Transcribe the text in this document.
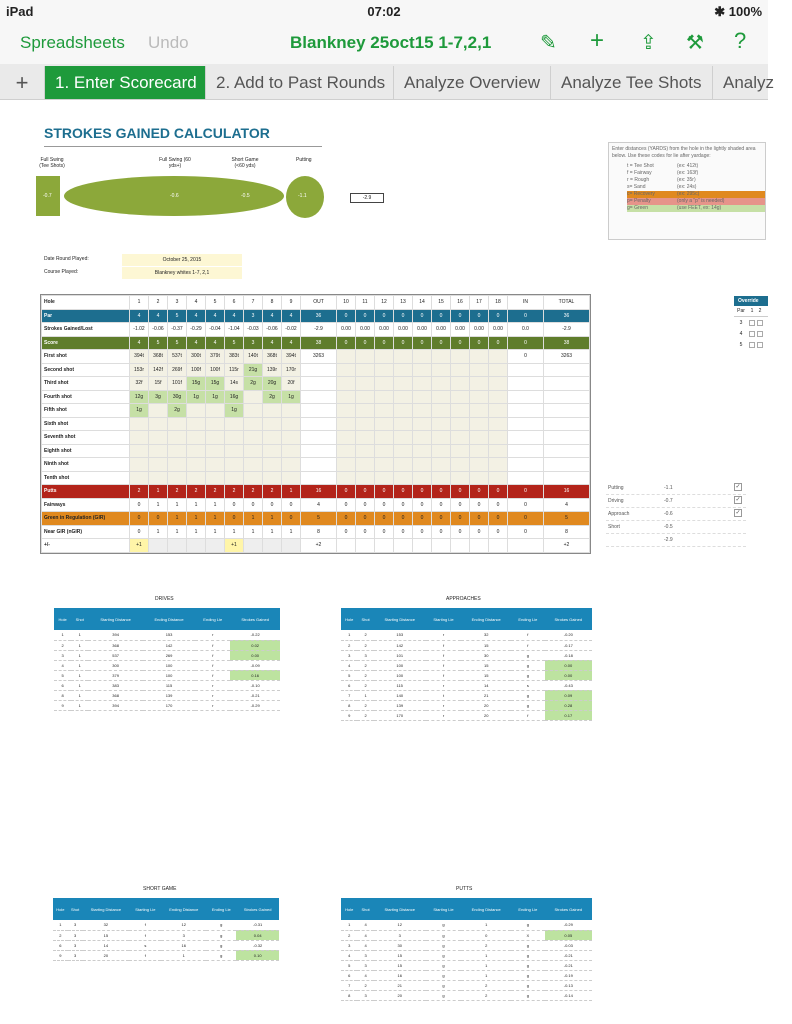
iPad	07:02	✱ 100%
Spreadsheets Undo	Blankney 25oct15 1-7,2,1 ✎ + ⇪ ⚒ ?
+	1. Enter Scorecard	2. Add to Past Rounds	Analyze Overview	Analyze Tee Shots	Analyz
STROKES GAINED CALCULATOR
Full Swing (Tee Shots)
Full Swing (60 yds+)
Short Game (<60 yds)
Putting
-0.7	-0.6	-0.5	-1.1	-2.9
Enter distances (YARDS) from the hole in the lightly shaded area below. Use these codes for lie after yardage:
t = Tee Shot	(ex: 412t)
f = Fairway	(ex: 163f)
r = Rough	(ex: 35r)
s= Sand	(ex: 24s)
c= Recovery	(ex: 295c)
p= Penalty	(only a "p" is needed)
g= Green	(use FEET, ex: 14g)
Date Round Played:	October 25, 2015
Course Played:	Blankney whites 1-7, 2,1
Hole	1	2	3	4	5	6	7	8	9	OUT	10	11	12	13	14	15	16	17	18	IN	TOTAL
Par	4	4	5	4	4	4	3	4	4	36	0	0	0	0	0	0	0	0	0	0	36
Strokes Gained/Lost	-1.02	-0.06	-0.37	-0.29	-0.04	-1.04	-0.03	-0.06	-0.02	-2.9	0.00	0.00	0.00	0.00	0.00	0.00	0.00	0.00	0.00	0.0	-2.9
Score	4	5	5	4	4	5	3	4	4	38	0	0	0	0	0	0	0	0	0	0	38
First shot	394t	368t	537t	300t	379t	383t	140t	368t	394t	3263										0	3263
Second shot	153r	142f	269f	100f	100f	115r	21g	139r	170r												
Third shot	32f	15f	101f	15g	15g	14s	2g	20g	20f												
Fourth shot	12g	3g	30g	1g	1g	16g		2g	1g												
Fifth shot	1g		2g			1g															
Sixth shot																					
Seventh shot																					
Eighth shot																					
Ninth shot																					
Tenth shot																					
Putts	2	1	2	2	2	2	2	2	1	16	0	0	0	0	0	0	0	0	0	0	16
Fairways	0	1	1	1	1	0	0	0	0	4	0	0	0	0	0	0	0	0	0	0	4
Green in Regulation (GIR)	0	0	1	1	1	0	1	1	0	5	0	0	0	0	0	0	0	0	0	0	5
Near GIR (nGIR)	0	1	1	1	1	1	1	1	1	8	0	0	0	0	0	0	0	0	0	0	8
+/-	+1					+1				+2											+2
Putting	-1.1	✓
Driving	-0.7	✓
Approach	-0.6	✓
Short	-0.5
-2.9
Override
Par	1	2
3
4
5
DRIVES
Hole	Shot	Starting Distance	Ending Distance	Ending Lie	Strokes Gained
1	1	394	153	r	-0.22
2	1	368	142	f	0.02
3	1	537	269	f	0.00
4	1	300	100	f	-0.09
5	1	379	100	f	0.16
6	1	383	115	r	-0.10
8	1	368	139	r	-0.21
9	1	394	170	r	-0.29
APPROACHES
Hole	Shot	Starting Distance	Starting Lie	Ending Distance	Ending Lie	Strokes Gained
1	2	153	r	32	f	-0.20
2	2	142	f	15	f	-0.17
3	3	101	f	30	g	-0.18
4	2	100	f	15	g	0.00
5	2	100	f	15	g	0.00
6	2	115	r	14	s	-0.43
7	1	140	t	21	g	0.09
8	2	139	r	20	g	0.28
9	2	170	r	20	f	0.17
SHORT GAME
Hole	Shot	Starting Distance	Starting Lie	Ending Distance	Ending Lie	Strokes Gained
1	3	32	f	12	g	-0.31
2	3	15	f	3	g	0.04
6	3	14	s	16	g	-0.32
9	3	20	f	1	g	0.10
PUTTS
Hole	Shot	Starting Distance	Starting Lie	Ending Distance	Ending Lie	Strokes Gained
1	4	12	g	1	g	-0.29
2	4	3	g	0	X	0.05
3	4	30	g	2	g	-0.03
4	3	15	g	1	g	-0.21
5	3	15	g	1	g	-0.21
6	4	16	g	1	g	-0.19
7	2	21	g	2	g	-0.13
8	3	20	g	2	g	-0.14
